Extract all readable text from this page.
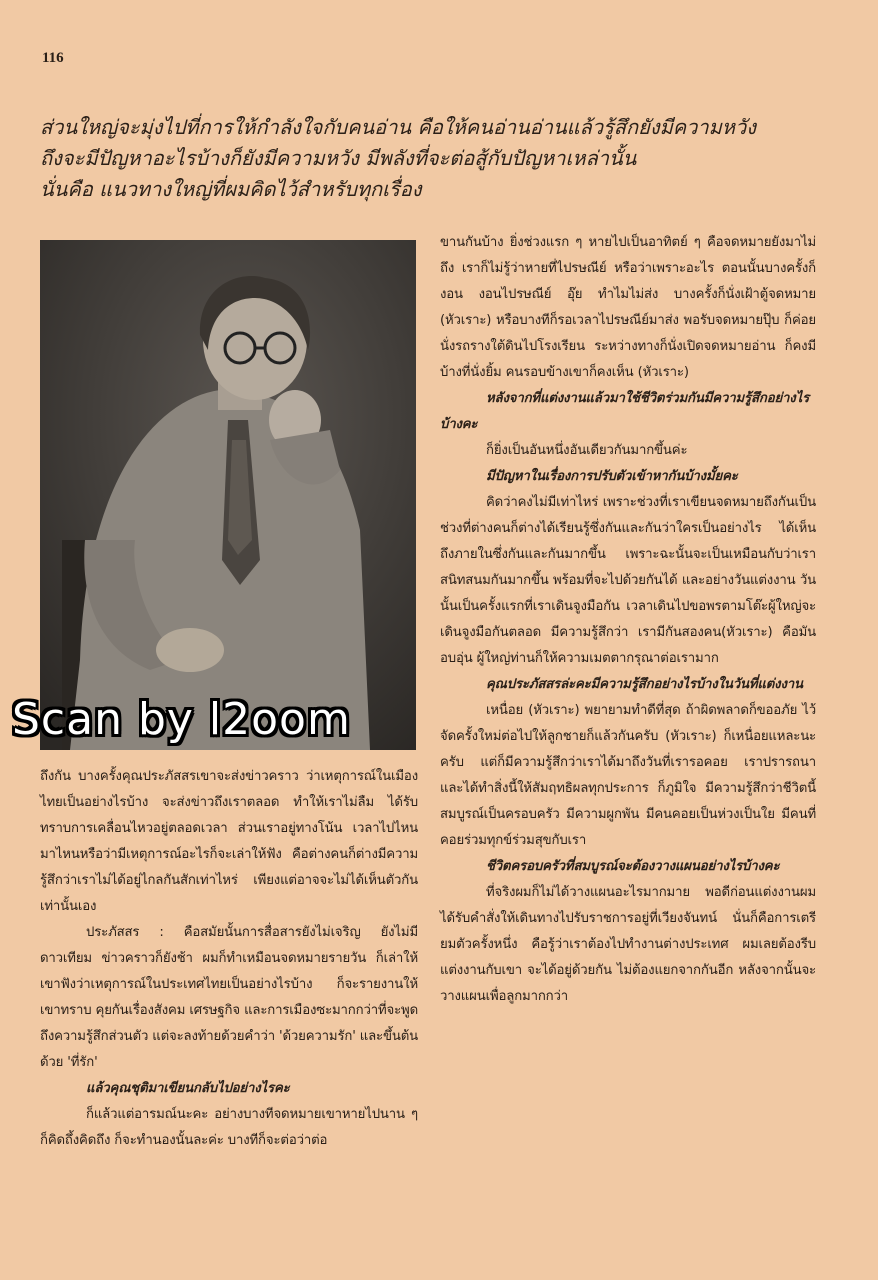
116

ส่วนใหญ่จะมุ่งไปที่การให้กำลังใจกับคนอ่าน คือให้คนอ่านอ่านแล้วรู้สึกยังมีความหวัง

ถึงจะมีปัญหาอะไรบ้างก็ยังมีความหวัง มีพลังที่จะต่อสู้กับปัญหาเหล่านั้น

นั่นคือ แนวทางใหญ่ที่ผมคิดไว้สำหรับทุกเรื่อง

Scan by l2oom

ถึงกัน บางครั้งคุณประภัสสรเขาจะส่งข่าวคราว ว่าเหตุการณ์ในเมืองไทยเป็นอย่างไรบ้าง จะส่งข่าวถึงเราตลอด ทำให้เราไม่ลืม ได้รับทราบการเคลื่อนไหวอยู่ตลอดเวลา ส่วนเราอยู่ทางโน้น เวลาไปไหนมาไหนหรือว่ามีเหตุการณ์อะไรก็จะเล่าให้ฟัง คือต่างคนก็ต่างมีความรู้สึกว่าเราไม่ได้อยู่ไกลกันสักเท่าไหร่ เพียงแต่อาจจะไม่ได้เห็นตัวกันเท่านั้นเอง

ประภัสสร : คือสมัยนั้นการสื่อสารยังไม่เจริญ ยังไม่มีดาวเทียม ข่าวคราวก็ยังช้า ผมก็ทำเหมือนจดหมายรายวัน ก็เล่าให้เขาฟังว่าเหตุการณ์ในประเทศไทยเป็นอย่างไรบ้าง ก็จะรายงานให้เขาทราบ คุยกันเรื่องสังคม เศรษฐกิจ และการเมืองซะมากกว่าที่จะพูดถึงความรู้สึกส่วนตัว แต่จะลงท้ายด้วยคำว่า 'ด้วยความรัก' และขึ้นต้นด้วย 'ที่รัก'

แล้วคุณชุติมาเขียนกลับไปอย่างไรคะ

ก็แล้วแต่อารมณ์นะคะ อย่างบางทีจดหมายเขาหายไปนาน ๆ ก็คิดถึ้งคิดถึง ก็จะทำนองนั้นละค่ะ บางทีก็จะต่อว่าต่อ

ขานกันบ้าง ยิ่งช่วงแรก ๆ หายไปเป็นอาทิตย์ ๆ คือจดหมายยังมาไม่ถึง เราก็ไม่รู้ว่าหายที่ไปรษณีย์ หรือว่าเพราะอะไร ตอนนั้นบางครั้งก็งอน งอนไปรษณีย์ อุ๊ย ทำไมไม่ส่ง บางครั้งก็นั่งเฝ้าตู้จดหมาย (หัวเราะ) หรือบางทีก็รอเวลาไปรษณีย์มาส่ง พอรับจดหมายปุ๊บ ก็ค่อยนั่งรถรางใต้ดินไปโรงเรียน ระหว่างทางก็นั่งเปิดจดหมายอ่าน ก็คงมีบ้างที่นั่งยิ้ม คนรอบข้างเขาก็คงเห็น (หัวเราะ)

หลังจากที่แต่งงานแล้วมาใช้ชีวิตร่วมกันมีความรู้สึกอย่างไรบ้างคะ

ก็ยิ่งเป็นอันหนึ่งอันเดียวกันมากขึ้นค่ะ

มีปัญหาในเรื่องการปรับตัวเข้าหากันบ้างมั้ยคะ

คิดว่าคงไม่มีเท่าไหร่ เพราะช่วงที่เราเขียนจดหมายถึงกันเป็นช่วงที่ต่างคนก็ต่างได้เรียนรู้ซึ่งกันและกันว่าใครเป็นอย่างไร ได้เห็นถึงภายในซึ่งกันและกันมากขึ้น เพราะฉะนั้นจะเป็นเหมือนกับว่าเราสนิทสนมกันมากขึ้น พร้อมที่จะไปด้วยกันได้ และอย่างวันแต่งงาน วันนั้นเป็นครั้งแรกที่เราเดินจูงมือกัน เวลาเดินไปขอพรตามโต๊ะผู้ใหญ่จะเดินจูงมือกันตลอด มีความรู้สึกว่า เรามีกันสองคน(หัวเราะ) คือมันอบอุ่น ผู้ใหญ่ท่านก็ให้ความเมตตากรุณาต่อเรามาก

คุณประภัสสรล่ะคะมีความรู้สึกอย่างไรบ้างในวันที่แต่งงาน

เหนื่อย (หัวเราะ) พยายามทำดีที่สุด ถ้าผิดพลาดก็ขออภัย ไว้จัดครั้งใหม่ต่อไปให้ลูกชายก็แล้วกันครับ (หัวเราะ) ก็เหนื่อยแหละนะครับ แต่ก็มีความรู้สึกว่าเราได้มาถึงวันที่เรารอคอย เราปรารถนา และได้ทำสิ่งนี้ให้สัมฤทธิผลทุกประการ ก็ภูมิใจ มีความรู้สึกว่าชีวิตนี้สมบูรณ์เป็นครอบครัว มีความผูกพัน มีคนคอยเป็นห่วงเป็นใย มีคนที่คอยร่วมทุกข์ร่วมสุขกับเรา

ชีวิตครอบครัวที่สมบูรณ์จะต้องวางแผนอย่างไรบ้างคะ

ที่จริงผมก็ไม่ได้วางแผนอะไรมากมาย พอดีก่อนแต่งงานผมได้รับคำสั่งให้เดินทางไปรับราชการอยู่ที่เวียงจันทน์ นั่นก็คือการเตรียมตัวครั้งหนึ่ง คือรู้ว่าเราต้องไปทำงานต่างประเทศ ผมเลยต้องรีบแต่งงานกับเขา จะได้อยู่ด้วยกัน ไม่ต้องแยกจากกันอีก หลังจากนั้นจะวางแผนเพื่อลูกมากกว่า
